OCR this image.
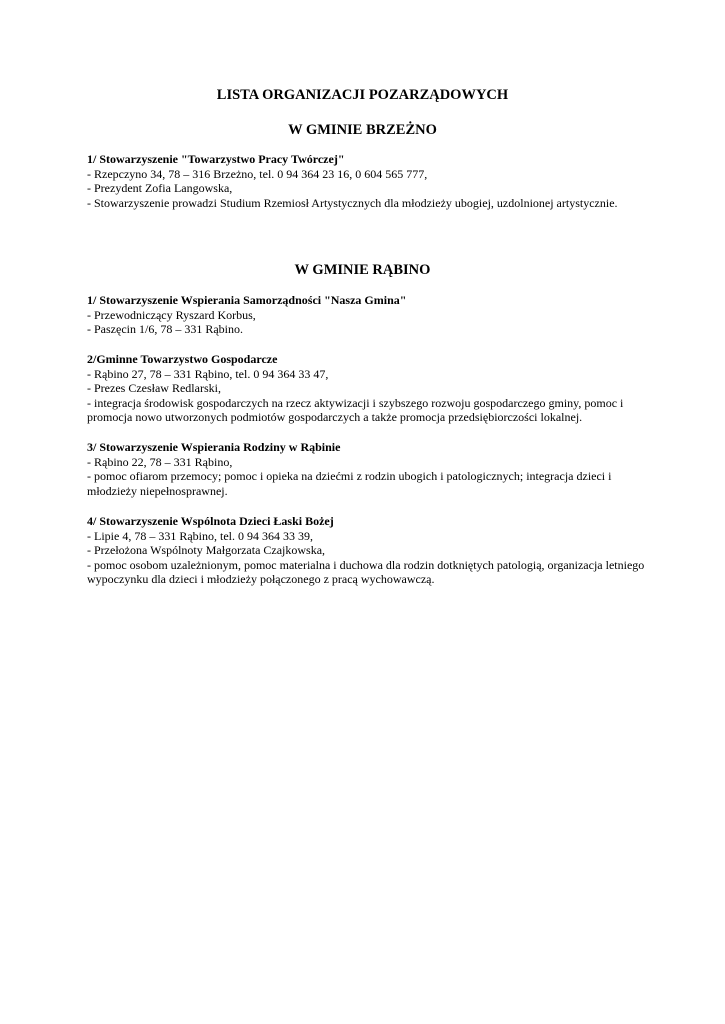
LISTA ORGANIZACJI POZARZĄDOWYCH
W GMINIE BRZEŻNO
1/ Stowarzyszenie "Towarzystwo Pracy Twórczej"
- Rzepczyno 34, 78 – 316 Brzeżno, tel. 0 94 364 23 16, 0 604 565 777,
- Prezydent Zofia Langowska,
- Stowarzyszenie prowadzi Studium Rzemiosł Artystycznych dla młodzieży ubogiej, uzdolnionej artystycznie.
W GMINIE RĄBINO
1/ Stowarzyszenie Wspierania Samorządności "Nasza Gmina"
- Przewodniczący Ryszard Korbus,
- Paszęcin 1/6, 78 – 331 Rąbino.
2/Gminne Towarzystwo Gospodarcze
- Rąbino 27, 78 – 331 Rąbino, tel. 0 94 364 33 47,
- Prezes Czesław Redlarski,
- integracja środowisk gospodarczych na rzecz aktywizacji i szybszego rozwoju gospodarczego gminy, pomoc i promocja nowo utworzonych podmiotów gospodarczych a także promocja przedsiębiorczości lokalnej.
3/ Stowarzyszenie Wspierania Rodziny w Rąbinie
- Rąbino 22, 78 – 331 Rąbino,
- pomoc ofiarom przemocy; pomoc i opieka na dziećmi z rodzin ubogich i patologicznych; integracja dzieci i młodzieży niepełnosprawnej.
4/ Stowarzyszenie Wspólnota Dzieci Łaski Bożej
- Lipie 4, 78 – 331 Rąbino, tel. 0 94 364 33 39,
- Przełożona Wspólnoty Małgorzata Czajkowska,
- pomoc osobom uzależnionym, pomoc materialna i duchowa dla rodzin dotkniętych patologią, organizacja letniego wypoczynku dla dzieci i młodzieży połączonego z pracą wychowawczą.
